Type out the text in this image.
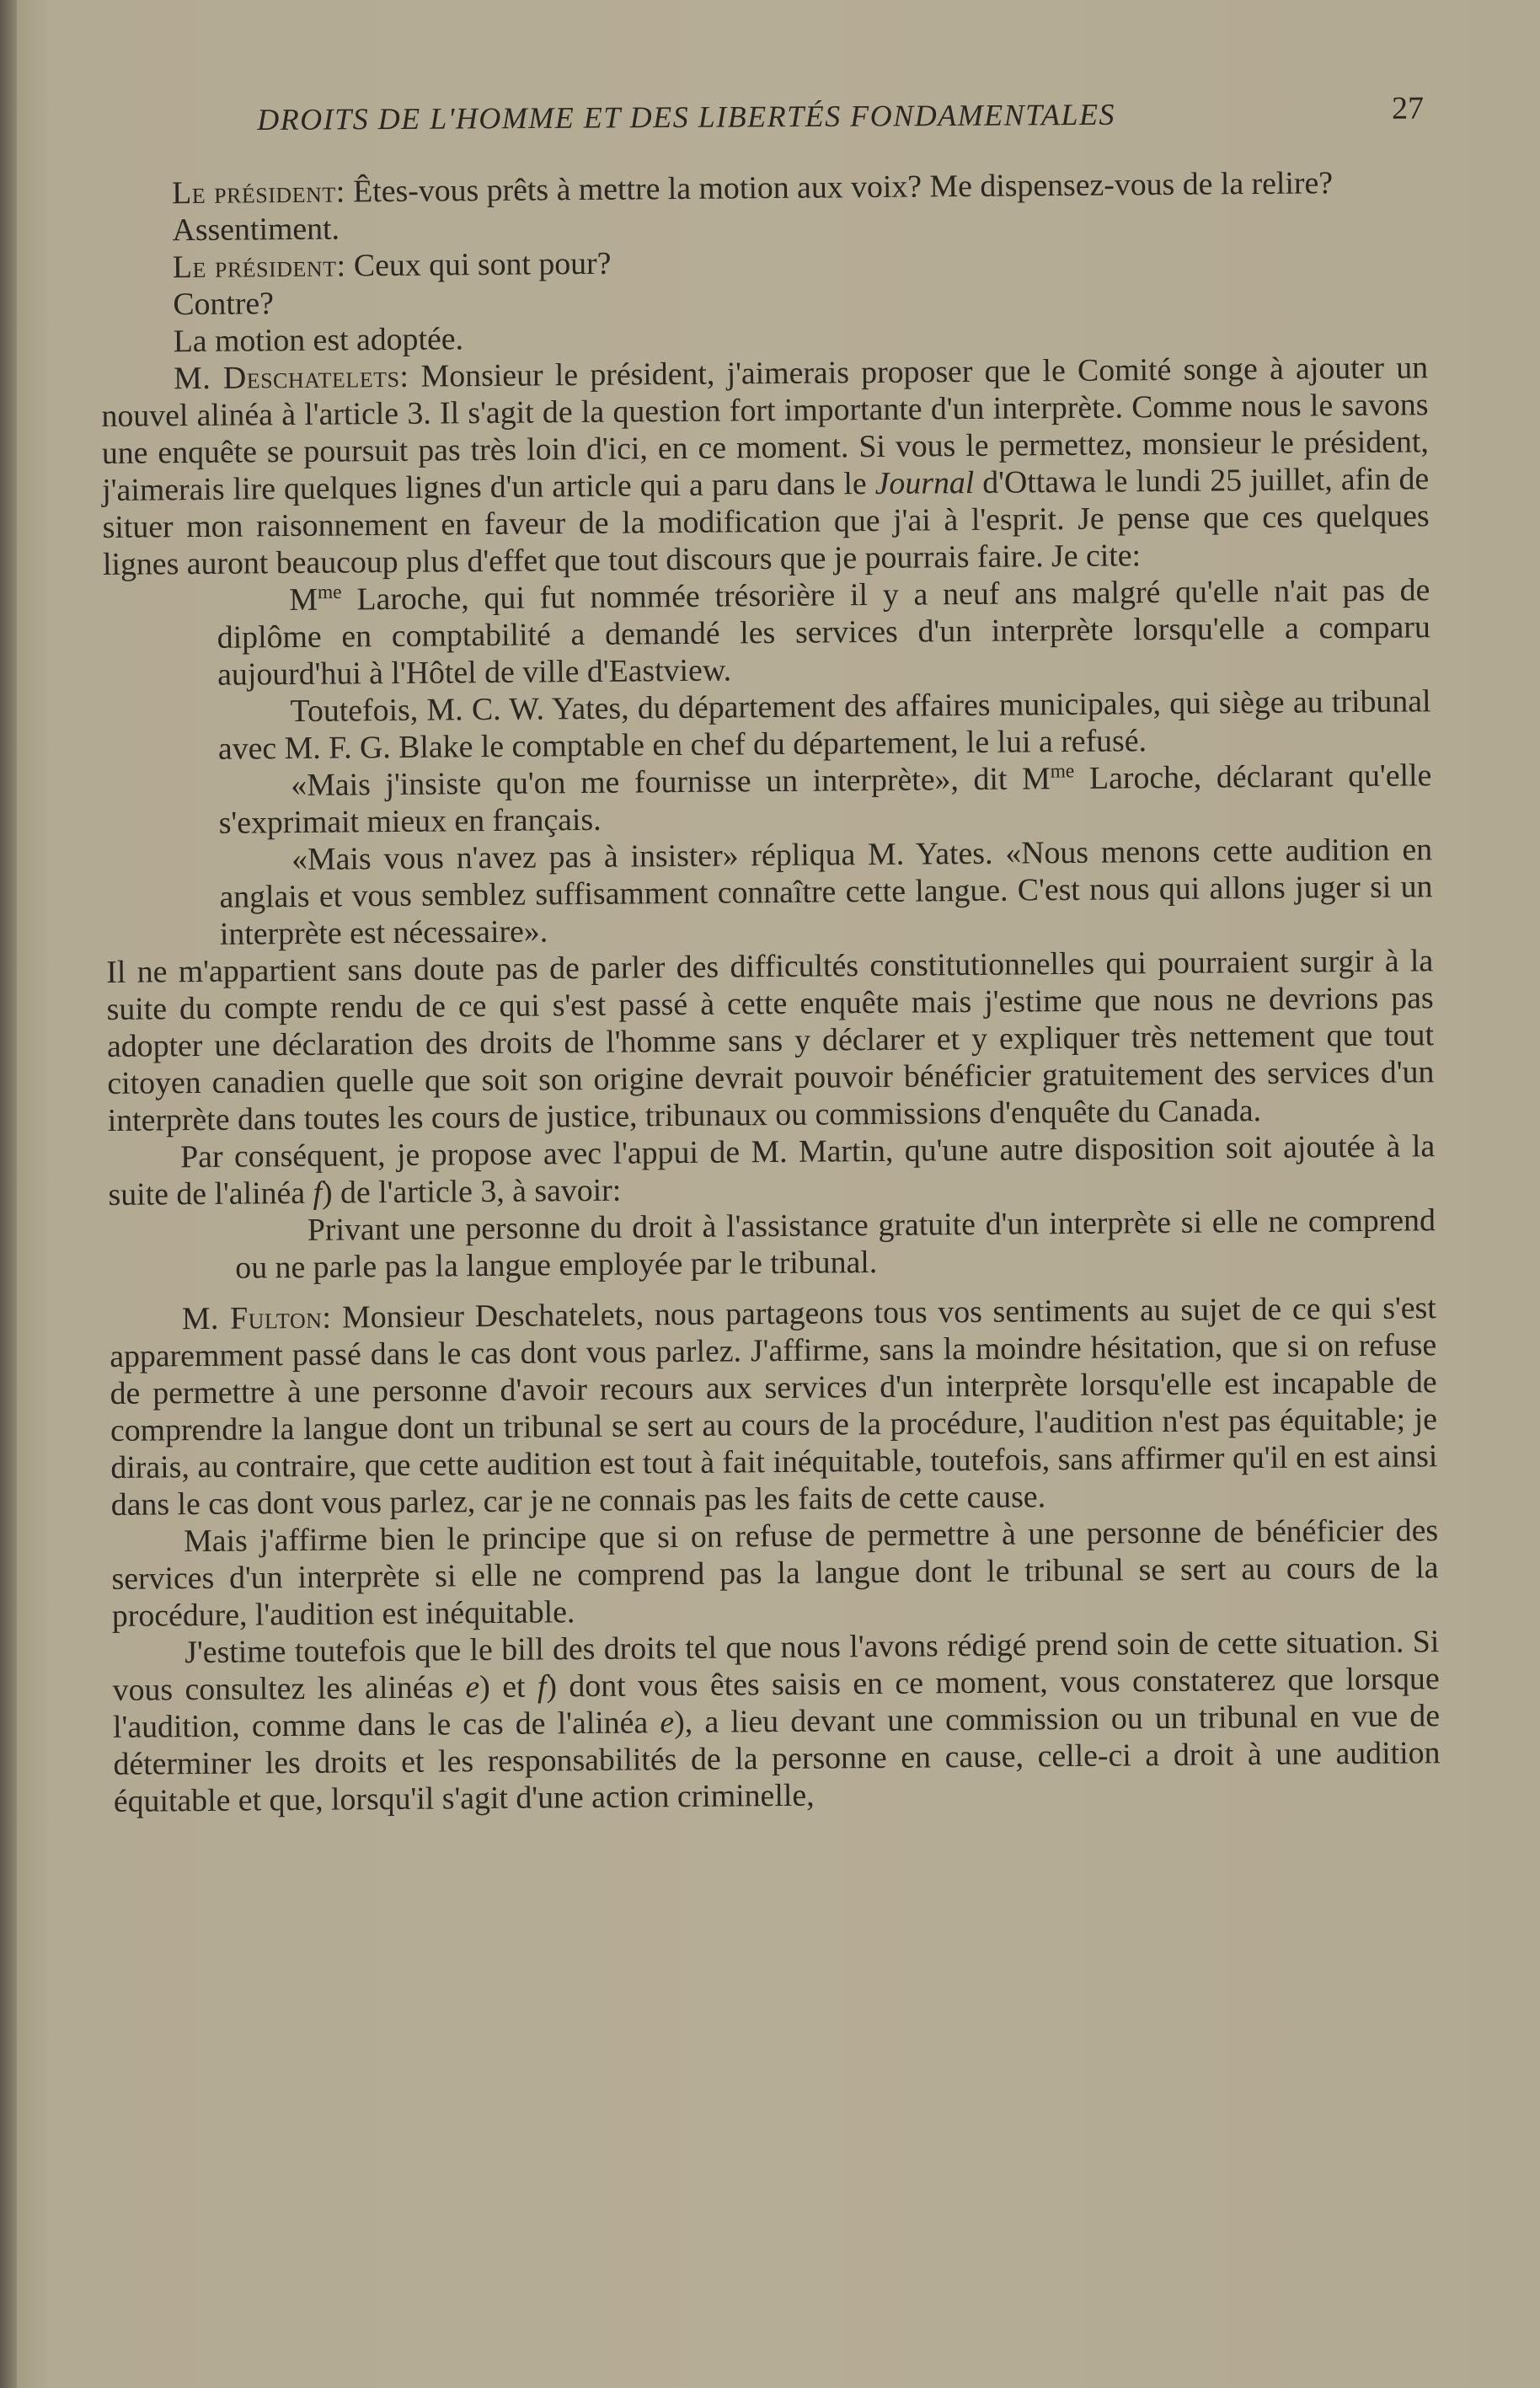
DROITS DE L'HOMME ET DES LIBERTÉS FONDAMENTALES	27

Le président: Êtes-vous prêts à mettre la motion aux voix? Me dispensez-vous de la relire?

Assentiment.

Le président: Ceux qui sont pour?

Contre?

La motion est adoptée.

M. Deschatelets: Monsieur le président, j'aimerais proposer que le Comité songe à ajouter un nouvel alinéa à l'article 3. Il s'agit de la question fort importante d'un interprète. Comme nous le savons une enquête se poursuit pas très loin d'ici, en ce moment. Si vous le permettez, monsieur le président, j'aimerais lire quelques lignes d'un article qui a paru dans le Journal d'Ottawa le lundi 25 juillet, afin de situer mon raisonnement en faveur de la modification que j'ai à l'esprit. Je pense que ces quelques lignes auront beaucoup plus d'effet que tout discours que je pourrais faire. Je cite:

$M^{me}$ Laroche, qui fut nommée trésorière il y a neuf ans malgré qu'elle n'ait pas de diplôme en comptabilité a demandé les services d'un interprète lorsqu'elle a comparu aujourd'hui à l'Hôtel de ville d'Eastview.

Toutefois, M. C. W. Yates, du département des affaires municipales, qui siège au tribunal avec M. F. G. Blake le comptable en chef du département, le lui a refusé.

«Mais j'insiste qu'on me fournisse un interprète», dit $M^{me}$ Laroche, déclarant qu'elle s'exprimait mieux en français.

«Mais vous n'avez pas à insister» répliqua M. Yates. «Nous menons cette audition en anglais et vous semblez suffisamment connaître cette langue. C'est nous qui allons juger si un interprète est nécessaire».

Il ne m'appartient sans doute pas de parler des difficultés constitutionnelles qui pourraient surgir à la suite du compte rendu de ce qui s'est passé à cette enquête mais j'estime que nous ne devrions pas adopter une déclaration des droits de l'homme sans y déclarer et y expliquer très nettement que tout citoyen canadien quelle que soit son origine devrait pouvoir bénéficier gratuitement des services d'un interprète dans toutes les cours de justice, tribunaux ou commissions d'enquête du Canada.

Par conséquent, je propose avec l'appui de M. Martin, qu'une autre disposition soit ajoutée à la suite de l'alinéa f) de l'article 3, à savoir:

Privant une personne du droit à l'assistance gratuite d'un interprète si elle ne comprend ou ne parle pas la langue employée par le tribunal.

M. Fulton: Monsieur Deschatelets, nous partageons tous vos sentiments au sujet de ce qui s'est apparemment passé dans le cas dont vous parlez. J'affirme, sans la moindre hésitation, que si on refuse de permettre à une personne d'avoir recours aux services d'un interprète lorsqu'elle est incapable de comprendre la langue dont un tribunal se sert au cours de la procédure, l'audition n'est pas équitable; je dirais, au contraire, que cette audition est tout à fait inéquitable, toutefois, sans affirmer qu'il en est ainsi dans le cas dont vous parlez, car je ne connais pas les faits de cette cause.

Mais j'affirme bien le principe que si on refuse de permettre à une personne de bénéficier des services d'un interprète si elle ne comprend pas la langue dont le tribunal se sert au cours de la procédure, l'audition est inéquitable.

J'estime toutefois que le bill des droits tel que nous l'avons rédigé prend soin de cette situation. Si vous consultez les alinéas e) et f) dont vous êtes saisis en ce moment, vous constaterez que lorsque l'audition, comme dans le cas de l'alinéa e), a lieu devant une commission ou un tribunal en vue de déterminer les droits et les responsabilités de la personne en cause, celle-ci a droit à une audition équitable et que, lorsqu'il s'agit d'une action criminelle,
